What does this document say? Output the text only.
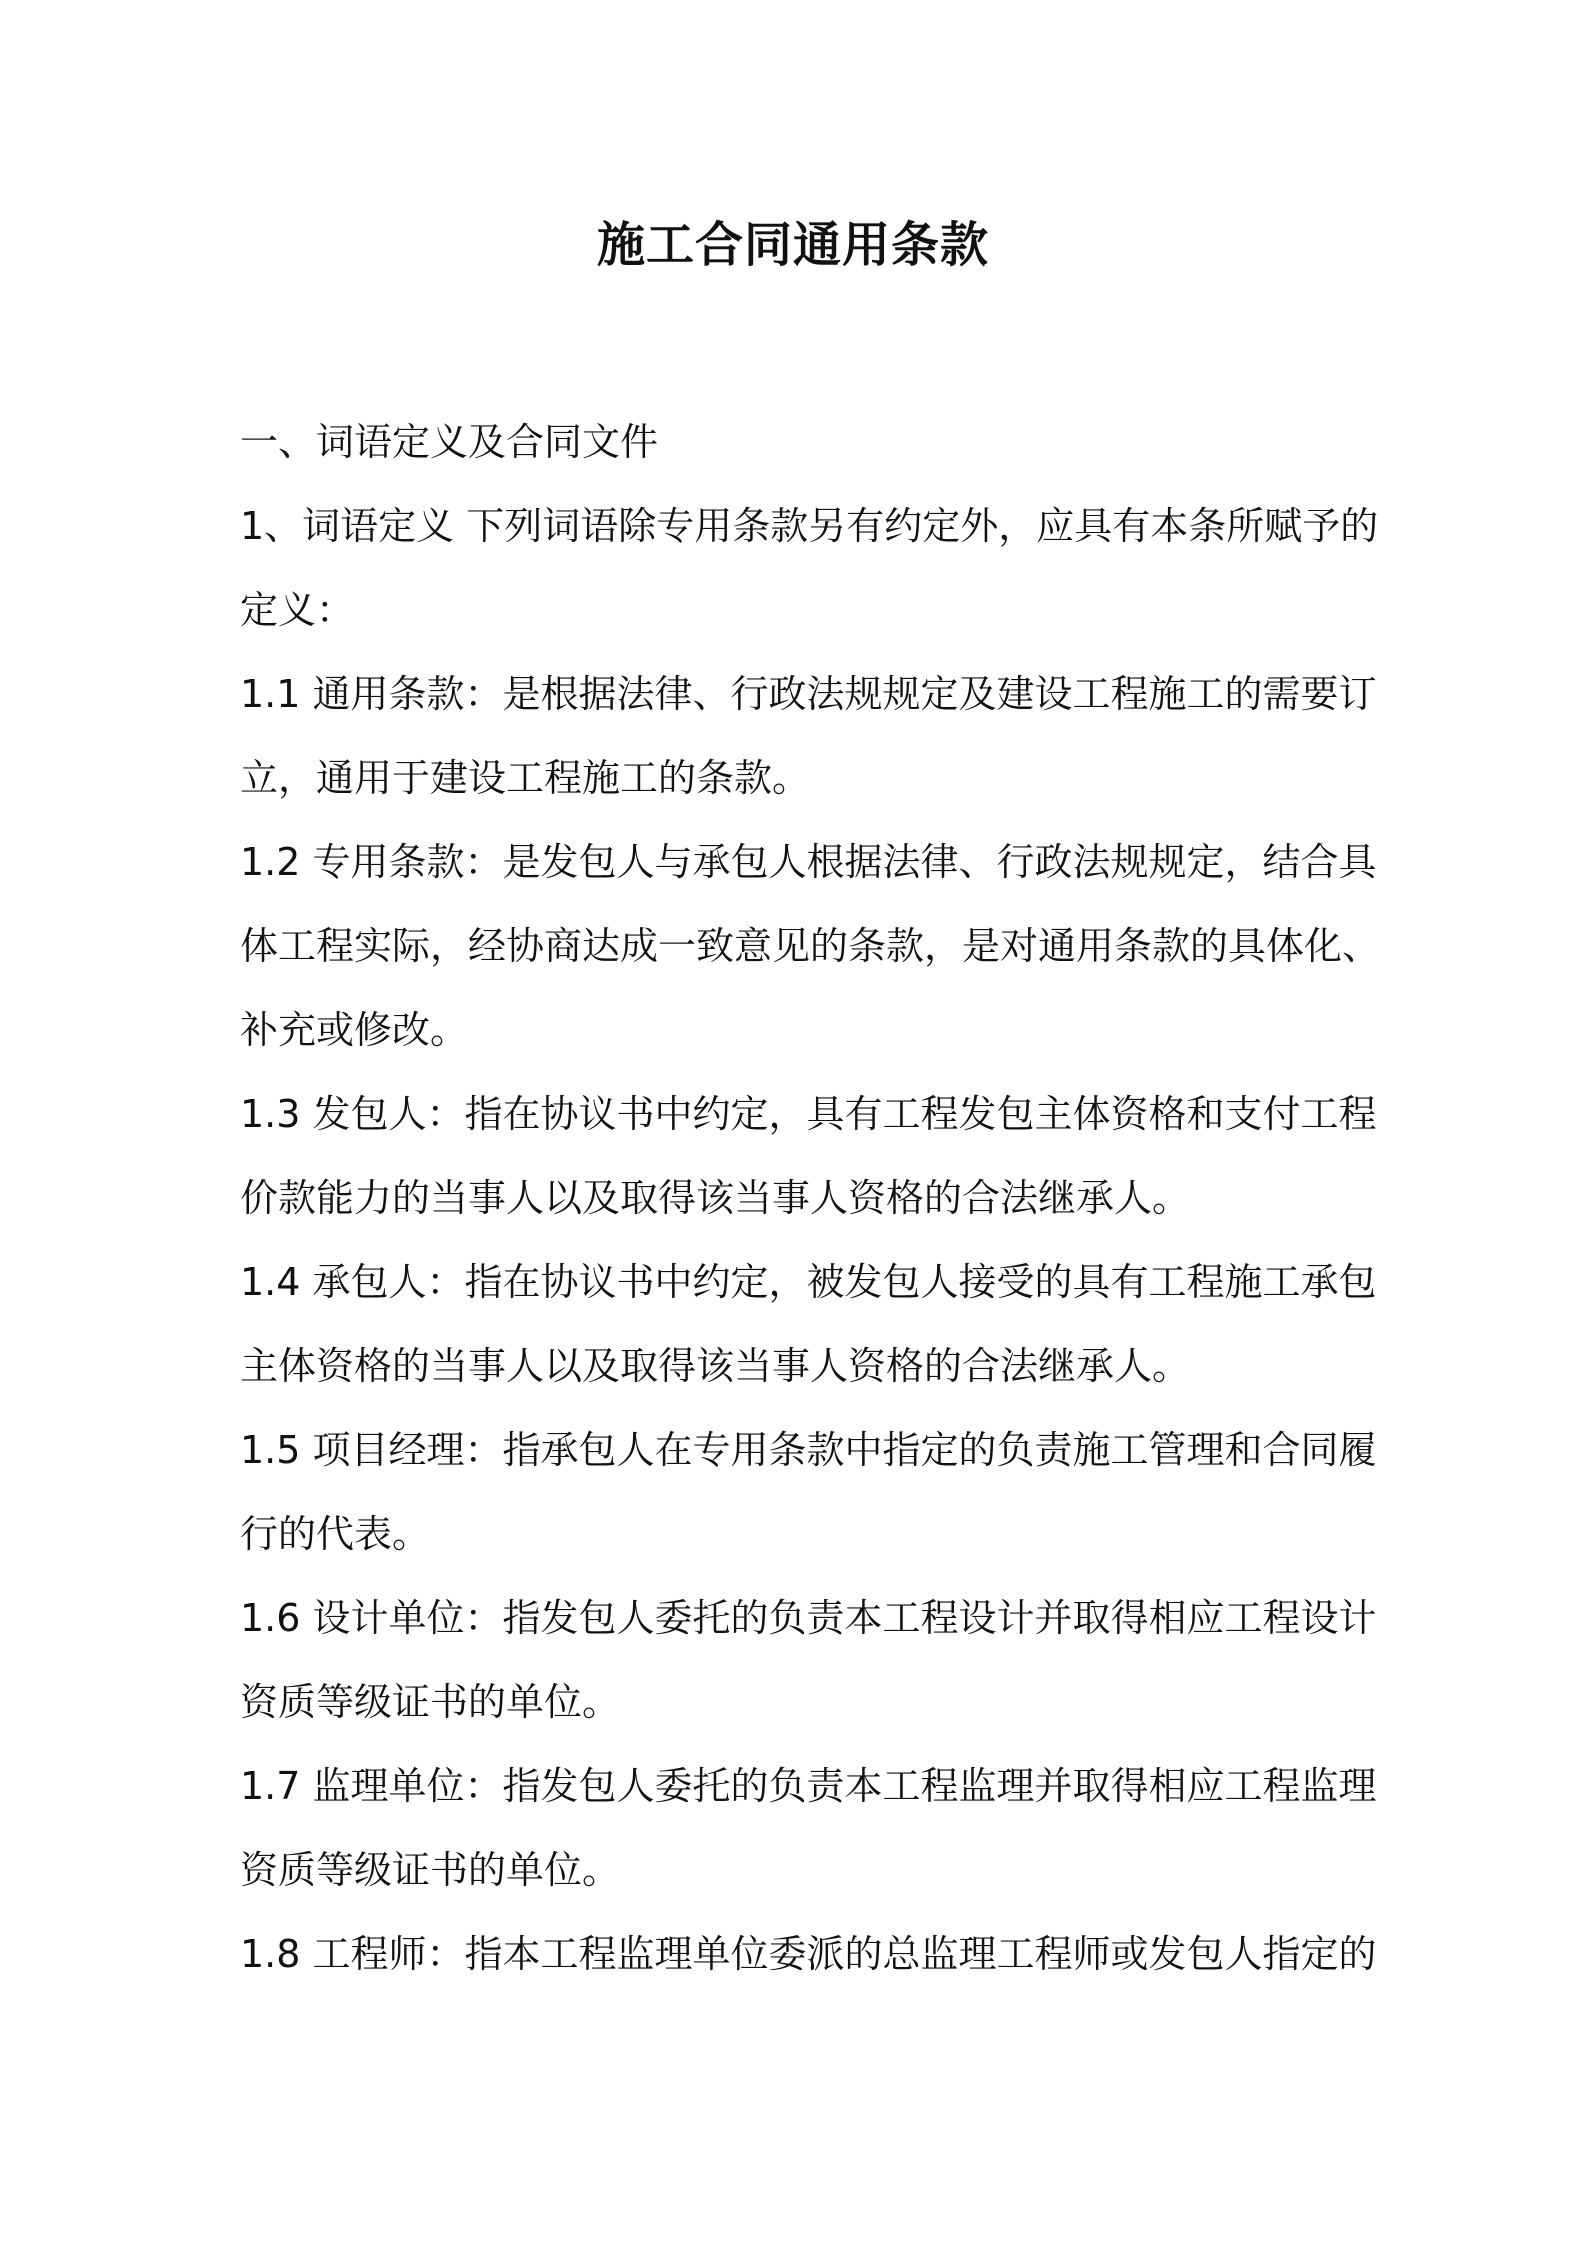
施工合同通用条款
一、词语定义及合同文件
1、词语定义 下列词语除专用条款另有约定外，应具有本条所赋予的
定义：
1.1 通用条款：是根据法律、行政法规规定及建设工程施工的需要订
立，通用于建设工程施工的条款。
1.2 专用条款：是发包人与承包人根据法律、行政法规规定，结合具
体工程实际，经协商达成一致意见的条款，是对通用条款的具体化、
补充或修改。
1.3 发包人：指在协议书中约定，具有工程发包主体资格和支付工程
价款能力的当事人以及取得该当事人资格的合法继承人。
1.4 承包人：指在协议书中约定，被发包人接受的具有工程施工承包
主体资格的当事人以及取得该当事人资格的合法继承人。
1.5 项目经理：指承包人在专用条款中指定的负责施工管理和合同履
行的代表。
1.6 设计单位：指发包人委托的负责本工程设计并取得相应工程设计
资质等级证书的单位。
1.7 监理单位：指发包人委托的负责本工程监理并取得相应工程监理
资质等级证书的单位。
1.8 工程师：指本工程监理单位委派的总监理工程师或发包人指定的
